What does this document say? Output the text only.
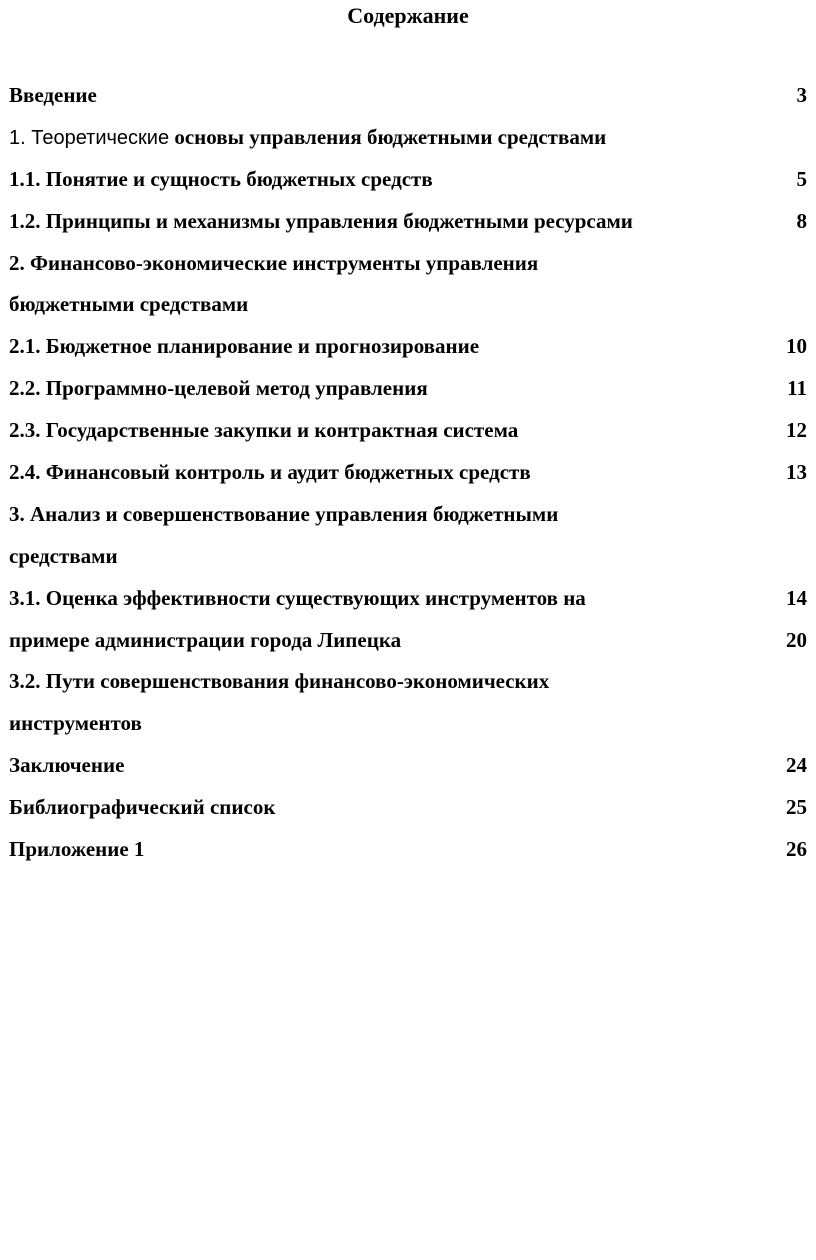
Содержание
Введение	3
1. Теоретические основы управления бюджетными средствами
1.1. Понятие и сущность бюджетных средств	5
1.2. Принципы и механизмы управления бюджетными ресурсами	8
2. Финансово-экономические инструменты управления
бюджетными средствами
2.1. Бюджетное планирование и прогнозирование	10
2.2. Программно-целевой метод управления	11
2.3. Государственные закупки и контрактная система	12
2.4. Финансовый контроль и аудит бюджетных средств	13
3. Анализ и совершенствование управления бюджетными
средствами
3.1. Оценка эффективности существующих инструментов на	14
примере администрации города Липецка	20
3.2. Пути совершенствования финансово-экономических
инструментов
Заключение	24
Библиографический список	25
Приложение 1	26
